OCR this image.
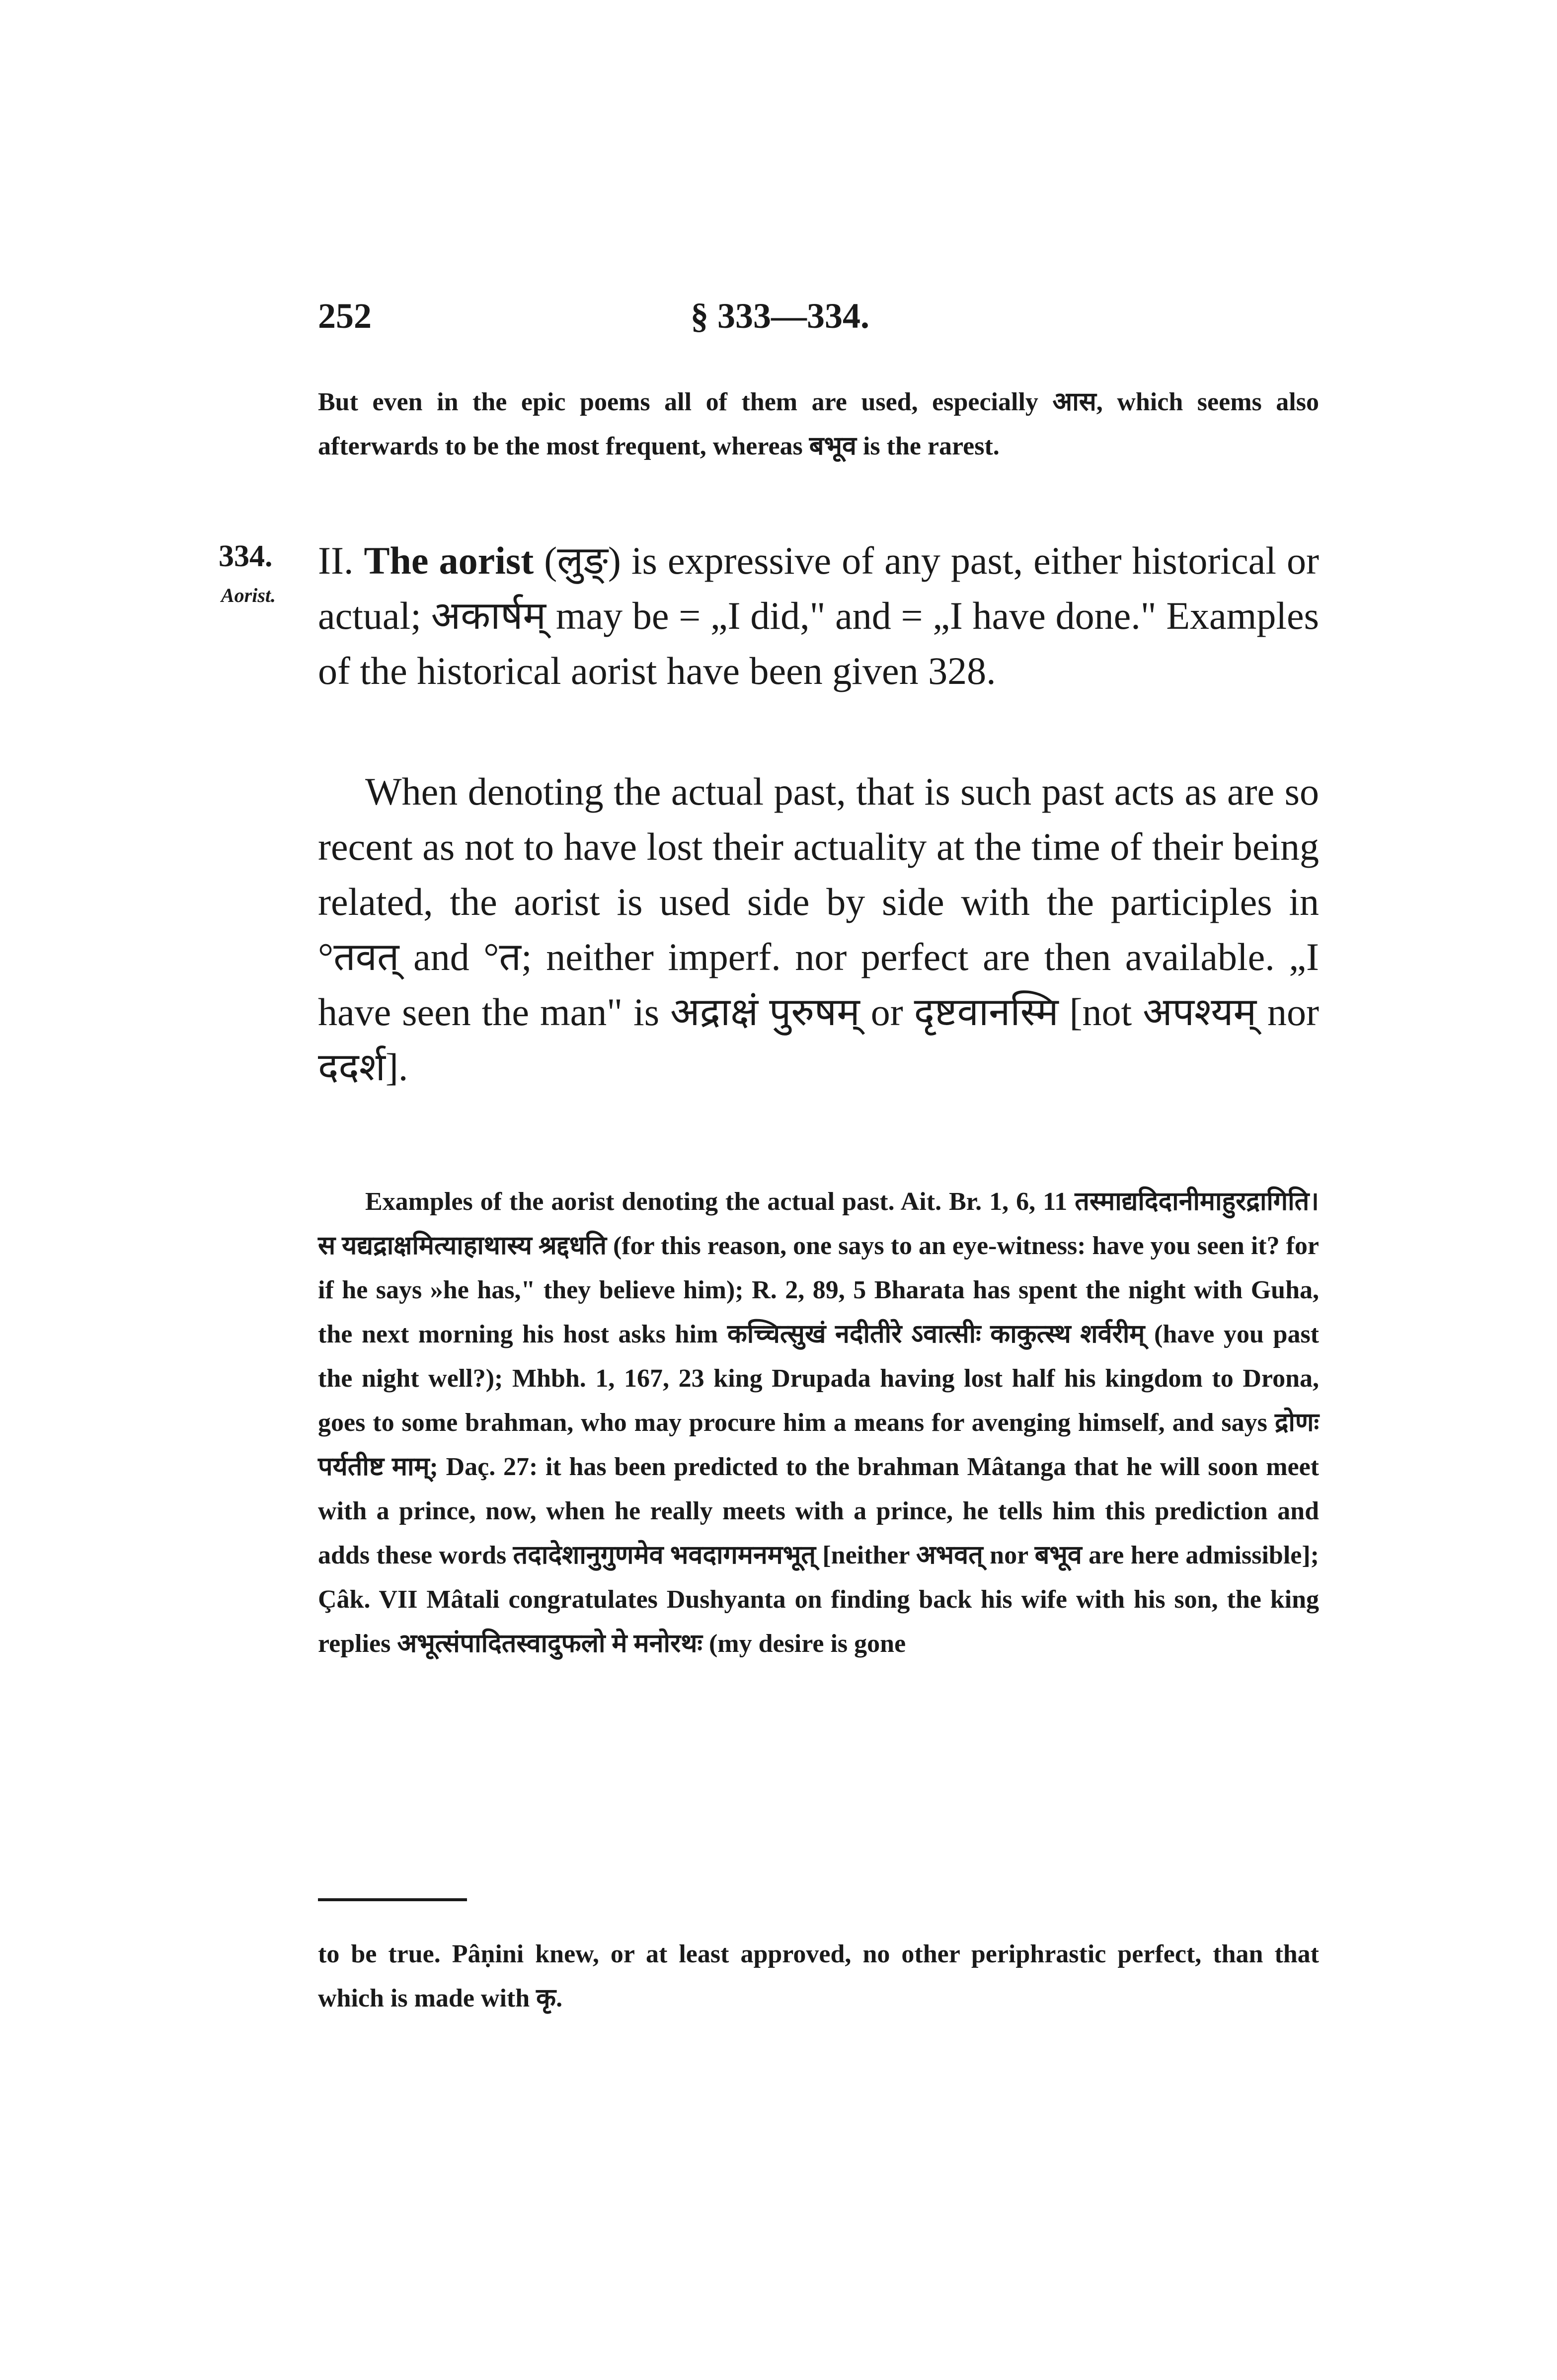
252	§ 333—334.

But even in the epic poems all of them are used, especially आस, which seems also afterwards to be the most frequent, whereas बभूव is the rarest.

334.
Aorist.

II. The aorist (लुङ्) is expressive of any past, either historical or actual; अकार्षम् may be = „I did," and = „I have done." Examples of the historical aorist have been given 328.

When denoting the actual past, that is such past acts as are so recent as not to have lost their actuality at the time of their being related, the aorist is used side by side with the participles in °तवत् and °त; neither imperf. nor perfect are then available. „I have seen the man" is अद्राक्षं पुरुषम् or दृष्टवानस्मि [not अपश्यम् nor ददर्श].

Examples of the aorist denoting the actual past. Ait. Br. 1, 6, 11 तस्माद्यदिदानीमाहुरद्रागिति। स यद्यद्राक्षमित्याहाथास्य श्रद्दधति (for this reason, one says to an eye-witness: have you seen it? for if he says »he has," they believe him); R. 2, 89, 5 Bharata has spent the night with Guha, the next morning his host asks him कच्चित्सुखं नदीतीरे ऽवात्सीः काकुत्स्थ शर्वरीम् (have you past the night well?); Mhbh. 1, 167, 23 king Drupada having lost half his kingdom to Drona, goes to some brahman, who may procure him a means for avenging himself, and says द्रोणः पर्यतीष्ट माम्; Daç. 27: it has been predicted to the brahman Mâtanga that he will soon meet with a prince, now, when he really meets with a prince, he tells him this prediction and adds these words तदादेशानुगुणमेव भवदागमनमभूत् [neither अभवत् nor बभूव are here admissible]; Çâk. VII Mâtali congratulates Dushyanta on finding back his wife with his son, the king replies अभूत्संपादितस्वादुफलो मे मनोरथः (my desire is gone

to be true. Pâṇini knew, or at least approved, no other periphrastic perfect, than that which is made with कृ.
